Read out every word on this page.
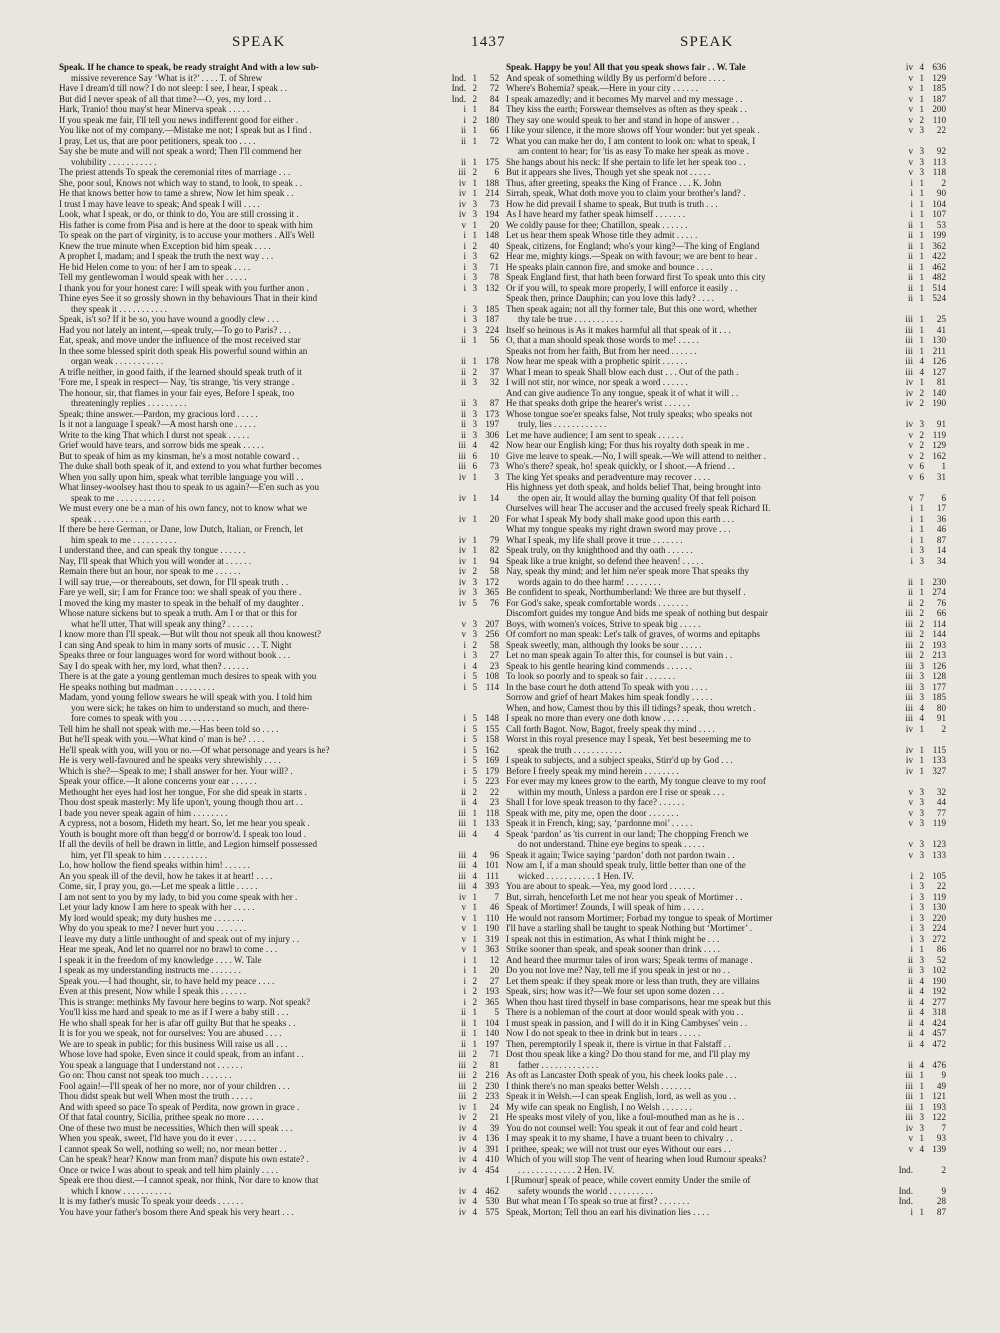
SPEAK	1437	SPEAK
Speak. If he chance to speak, be ready straight And with a low sub-
missive reverence Say ‘What is it?’ . . . . T. of Shrew	Ind. 1	52
Have I dream'd till now? I do not sleep: I see, I hear, I speak . .	Ind. 2	72
But did I never speak of all that time?—O, yes, my lord . .	Ind. 2	84
Hark, Tranio! thou may'st hear Minerva speak . . . . .	i 1	84
If you speak me fair, I'll tell you news indifferent good for either .	i 2 180
You like not of my company.—Mistake me not; I speak but as I find .	ii 1	66
I pray, Let us, that are poor petitioners, speak too . . . .	ii 1	72
Say she be mute and will not speak a word; Then I'll commend her
volubility . . . . . . . . . . .	ii 1 175
The priest attends To speak the ceremonial rites of marriage . . .	iii 2	6
She, poor soul, Knows not which way to stand, to look, to speak . .	iv 1 188
He that knows better how to tame a shrew, Now let him speak . .	iv 1 214
I trust I may have leave to speak; And speak I will . . . .	iv 3	73
Look, what I speak, or do, or think to do, You are still crossing it .	iv 3 194
His father is come from Pisa and is here at the door to speak with him	v 1	20
To speak on the part of virginity, is to accuse your mothers . All's Well	i 1 148
Knew the true minute when Exception bid him speak . . . .	i 2	40
A prophet I, madam; and I speak the truth the next way . . .	i 3	62
He bid Helen come to you: of her I am to speak . . . .	i 3	71
Tell my gentlewoman I would speak with her . . . . .	i 3	78
I thank you for your honest care: I will speak with you further anon .	i 3 132
Thine eyes See it so grossly shown in thy behaviours That in their kind
they speak it . . . . . . . . . . .	i 3 185
Speak, is't so? If it be so, you have wound a goodly clew . . .	i 3 187
Had you not lately an intent,—speak truly,—To go to Paris? . . .	i 3 224
Eat, speak, and move under the influence of the most received star	ii 1	56
In thee some blessed spirit doth speak His powerful sound within an
organ weak . . . . . . . . . . .	ii 1 178
A trifle neither, in good faith, if the learned should speak truth of it	ii 2	37
'Fore me, I speak in respect— Nay, 'tis strange, 'tis very strange .	ii 3	32
The honour, sir, that flames in your fair eyes, Before I speak, too
threateningly replies . . . . . . . . .	ii 3	87
Speak; thine answer.—Pardon, my gracious lord . . . . .	ii 3 173
Is it not a language I speak?—A most harsh one . . . . .	ii 3 197
Write to the king That which I durst not speak . . . . .	ii 3 306
Grief would have tears, and sorrow bids me speak . . . . .	iii 4	42
But to speak of him as my kinsman, he's a most notable coward . .	iii 6	10
The duke shall both speak of it, and extend to you what further becomes	iii 6	73
When you sally upon him, speak what terrible language you will . .	iv 1	3
What linsey-woolsey hast thou to speak to us again?—E'en such as you
speak to me . . . . . . . . . . .	iv 1	14
We must every one be a man of his own fancy, not to know what we
speak . . . . . . . . . . . . .	iv 1	20
If there be here German, or Dane, low Dutch, Italian, or French, let
him speak to me . . . . . . . . . .	iv 1	79
I understand thee, and can speak thy tongue . . . . . .	iv 1	82
Nay, I'll speak that Which you will wonder at . . . . . .	iv 1	94
Remain there but an hour, nor speak to me . . . . . .	iv 2	58
I will say true,—or thereabouts, set down, for I'll speak truth . .	iv 3 172
Fare ye well, sir; I am for France too: we shall speak of you there .	iv 3 365
I moved the king my master to speak in the behalf of my daughter .	iv 5	76
Whose nature sickens but to speak a truth. Am I or that or this for
what he'll utter, That will speak any thing? . . . . . .	v 3 207
I know more than I'll speak.—But wilt thou not speak all thou knowest?	v 3 256
I can sing And speak to him in many sorts of music . . . T. Night	i 2	58
Speaks three or four languages word for word without book . . .	i 3	27
Say I do speak with her, my lord, what then? . . . . . .	i 4	23
There is at the gate a young gentleman much desires to speak with you	i 5 108
He speaks nothing but madman . . . . . . . . .	i 5 114
Madam, yond young fellow swears he will speak with you. I told him
you were sick; he takes on him to understand so much, and there-
fore comes to speak with you . . . . . . . . .	i 5 148
Tell him he shall not speak with me.—Has been told so . . . .	i 5 155
But he'll speak with you.—What kind o' man is he? . . . .	i 5 158
He'll speak with you, will you or no.—Of what personage and years is he?	i 5 162
He is very well-favoured and he speaks very shrewishly . . . .	i 5 169
Which is she?—Speak to me; I shall answer for her. Your will? .	i 5 179
Speak your office.—It alone concerns your ear . . . . . .	i 5 223
Methought her eyes had lost her tongue, For she did speak in starts .	ii 2	22
Thou dost speak masterly: My life upon't, young though thou art . .	ii 4	23
I bade you never speak again of him . . . . . . . .	iii 1 118
A cypress, not a bosom, Hideth my heart. So, let me hear you speak .	iii 1 133
Youth is bought more oft than begg'd or borrow'd. I speak too loud .	iii 4	4
If all the devils of hell be drawn in little, and Legion himself possessed
him, yet I'll speak to him . . . . . . . . . .	iii 4	96
Lo, how hollow the fiend speaks within him! . . . . . .	iii 4 101
An you speak ill of the devil, how he takes it at heart! . . . .	iii 4 111
Come, sir, I pray you, go.—Let me speak a little . . . . .	iii 4 393
I am not sent to you by my lady, to bid you come speak with her .	iv 1	7
Let your lady know I am here to speak with her . . . . .	v 1	46
My lord would speak; my duty hushes me . . . . . . .	v 1 110
Why do you speak to me? I never hurt you . . . . . . .	v 1 190
I leave my duty a little unthought of and speak out of my injury . .	v 1 319
Hear me speak, And let no quarrel nor no brawl to come . . .	v 1 363
I speak it in the freedom of my knowledge . . . . W. Tale	i 1	12
I speak as my understanding instructs me . . . . . . .	i 1	20
Speak you.—I had thought, sir, to have held my peace . . . .	i 2	27
Even at this present, Now while I speak this . . . . . .	i 2 193
This is strange: methinks My favour here begins to warp. Not speak?	i 2 365
You'll kiss me hard and speak to me as if I were a baby still . . .	ii 1	5
He who shall speak for her is afar off guilty But that he speaks . .	ii 1 104
It is for you we speak, not for ourselves: You are abused . . . .	ii 1 140
We are to speak in public; for this business Will raise us all . . .	ii 1 197
Whose love had spoke, Even since it could speak, from an infant . .	iii 2	71
You speak a language that I understand not . . . . . .	iii 2	81
Go on: Thou canst not speak too much . . . . . . .	iii 2 216
Fool again!—I'll speak of her no more, nor of your children . . .	iii 2 230
Thou didst speak but well When most the truth . . . . .	iii 2 233
And with speed so pace To speak of Perdita, now grown in grace .	iv 1	24
Of that fatal country, Sicilia, prithee speak no more . . . .	iv 2	21
One of these two must be necessities, Which then will speak . . .	iv 4	39
When you speak, sweet, I'ld have you do it ever . . . . .	iv 4 136
I cannot speak So well, nothing so well; no, nor mean better . .	iv 4 391
Can he speak? hear? Know man from man? dispute his own estate? .	iv 4 410
Once or twice I was about to speak and tell him plainly . . . .	iv 4 454
Speak ere thou diest.—I cannot speak, nor think, Nor dare to know that
which I know . . . . . . . . . . .	iv 4 462
It is my father's music To speak your deeds . . . . . .	iv 4 530
You have your father's bosom there And speak his very heart . . .	iv 4 575
Speak. Happy be you! All that you speak shows fair . . W. Tale	iv 4 636
And speak of something wildly By us perform'd before . . . .	v 1 129
Where's Bohemia? speak.—Here in your city . . . . . .	v 1 185
I speak amazedly; and it becomes My marvel and my message . .	v 1 187
They kiss the earth; Forswear themselves as often as they speak . .	v 1 200
They say one would speak to her and stand in hope of answer . .	v 2 110
I like your silence, it the more shows off Your wonder: but yet speak .	v 3	22
What you can make her do, I am content to look on: what to speak, I
am content to hear; for 'tis as easy To make her speak as move .	v 3	92
She hangs about his neck: If she pertain to life let her speak too . .	v 3 113
But it appears she lives, Though yet she speak not . . . . .	v 3 118
Thus, after greeting, speaks the King of France . . . K. John	i 1	2
Sirrah, speak, What doth move you to claim your brother's land? .	i 1	90
How he did prevail I shame to speak, But truth is truth . . .	i 1 104
As I have heard my father speak himself . . . . . . .	i 1 107
We coldly pause for thee; Chatillon, speak . . . . . .	ii 1	53
Let us hear them speak Whose title they admit . . . . .	ii 1 199
Speak, citizens, for England; who's your king?—The king of England	ii 1 362
Hear me, mighty kings.—Speak on with favour; we are bent to hear .	ii 1 422
He speaks plain cannon fire, and smoke and bounce . . . .	ii 1 462
Speak England first, that hath been forward first To speak unto this city	ii 1 482
Or if you will, to speak more properly, I will enforce it easily . .	ii 1 514
Speak then, prince Dauphin; can you love this lady? . . . .	ii 1 524
Then speak again; not all thy former tale, But this one word, whether
thy tale be true . . . . . . . . . . .	iii 1	25
Itself so heinous is As it makes harmful all that speak of it . . .	iii 1	41
O, that a man should speak those words to me! . . . . .	iii 1 130
Speaks not from her faith, But from her need . . . . . .	iii 1 211
Now hear me speak with a prophetic spirit . . . . . .	iii 4 126
What I mean to speak Shall blow each dust . . . Out of the path .	iii 4 127
I will not stir, nor wince, nor speak a word . . . . . .	iv 1	81
And can give audience To any tongue, speak it of what it will . .	iv 2 140
He that speaks doth gripe the hearer's wrist . . . . . .	iv 2 190
Whose tongue soe'er speaks false, Not truly speaks; who speaks not
truly, lies . . . . . . . . . . . .	iv 3	91
Let me have audience; I am sent to speak . . . . . .	v 2 119
Now hear our English king; For thus his royalty doth speak in me .	v 2 129
Give me leave to speak.—No, I will speak.—We will attend to neither .	v 2 162
Who's there? speak, ho! speak quickly, or I shoot.—A friend . .	v 6	1
The king Yet speaks and peradventure may recover . . . .	v 6	31
His highness yet doth speak, and holds belief That, being brought into
the open air, It would allay the burning quality Of that fell poison	v 7	6
Ourselves will hear The accuser and the accused freely speak Richard II.	i 1	17
For what I speak My body shall make good upon this earth . . .	i 1	36
What my tongue speaks my right drawn sword may prove . . .	i 1	46
What I speak, my life shall prove it true . . . . . . .	i 1	87
Speak truly, on thy knighthood and thy oath . . . . . .	i 3	14
Speak like a true knight, so defend thee heaven! . . . . .	i 3	34
Nay, speak thy mind; and let him ne'er speak more That speaks thy
words again to do thee harm! . . . . . . . .	ii 1 230
Be confident to speak, Northumberland: We three are but thyself .	ii 1 274
For God's sake, speak comfortable words . . . . . . .	ii 2	76
Discomfort guides my tongue And bids me speak of nothing but despair	iii 2	66
Boys, with women's voices, Strive to speak big . . . . .	iii 2 114
Of comfort no man speak: Let's talk of graves, of worms and epitaphs	iii 2 144
Speak sweetly, man, although thy looks be sour . . . . .	iii 2 193
Let no man speak again To alter this, for counsel is but vain . .	iii 2 213
Speak to his gentle hearing kind commends . . . . . .	iii 3 126
To look so poorly and to speak so fair . . . . . . .	iii 3 128
In the base court he doth attend To speak with you . . . .	iii 3 177
Sorrow and grief of heart Makes him speak fondly . . . . .	iii 3 185
When, and how, Camest thou by this ill tidings? speak, thou wretch .	iii 4	80
I speak no more than every one doth know . . . . . .	iii 4	91
Call forth Bagot. Now, Bagot, freely speak thy mind . . . .	iv 1	2
Worst in this royal presence may I speak, Yet best beseeming me to
speak the truth . . . . . . . . . . .	iv 1 115
I speak to subjects, and a subject speaks, Stirr'd up by God . . .	iv 1 133
Before I freely speak my mind herein . . . . . . . .	iv 1 327
For ever may my knees grow to the earth, My tongue cleave to my roof
within my mouth, Unless a pardon ere I rise or speak . . .	v 3	32
Shall I for love speak treason to thy face? . . . . . .	v 3	44
Speak with me, pity me, open the door . . . . . . .	v 3	77
Speak it in French, king; say, ‘pardonne moi’ . . . . .	v 3 119
Speak ‘pardon’ as 'tis current in our land; The chopping French we
do not understand. Thine eye begins to speak . . . . .	v 3 123
Speak it again; Twice saying ‘pardon’ doth not pardon twain . .	v 3 133
Now am I, if a man should speak truly, little better than one of the
wicked . . . . . . . . . . . 1 Hen. IV.	i 2 105
You are about to speak.—Yea, my good lord . . . . . .	i 3	22
But, sirrah, henceforth Let me not hear you speak of Mortimer . .	i 3 119
Speak of Mortimer! Zounds, I will speak of him . . . . .	i 3 130
He would not ransom Mortimer; Forbad my tongue to speak of Mortimer	i 3 220
I'll have a starling shall be taught to speak Nothing but ‘Mortimer’ .	i 3 224
I speak not this in estimation, As what I think might be . . .	i 3 272
Strike sooner than speak, and speak sooner than drink . . . .	i 1	86
And heard thee murmur tales of iron wars; Speak terms of manage .	ii 3	52
Do you not love me? Nay, tell me if you speak in jest or no . .	ii 3 102
Let them speak: if they speak more or less than truth, they are villains	ii 4 190
Speak, sirs; how was it?—We four set upon some dozen . . .	ii 4 192
When thou hast tired thyself in base comparisons, hear me speak but this	ii 4 277
There is a nobleman of the court at door would speak with you . .	ii 4 318
I must speak in passion, and I will do it in King Cambyses' vein . .	ii 4 424
Now I do not speak to thee in drink but in tears . . . . .	ii 4 457
Then, peremptorily I speak it, there is virtue in that Falstaff . .	ii 4 472
Dost thou speak like a king? Do thou stand for me, and I'll play my
father . . . . . . . . . . . . .	ii 4 476
As oft as Lancaster Doth speak of you, his cheek looks pale . . .	iii 1	9
I think there's no man speaks better Welsh . . . . . . .	iii 1	49
Speak it in Welsh.—I can speak English, lord, as well as you . .	iii 1 121
My wife can speak no English, I no Welsh . . . . . . .	iii 1 193
He speaks most vilely of you, like a foul-mouthed man as he is . .	iii 3 122
You do not counsel well: You speak it out of fear and cold heart .	iv 3	7
I may speak it to my shame, I have a truant been to chivalry . .	v 1	93
I prithee, speak; we will not trust our eyes Without our ears . .	v 4 139
Which of you will stop The vent of hearing when loud Rumour speaks?
. . . . . . . . . . . . . 2 Hen. IV.	Ind.	2
I [Rumour] speak of peace, while covert enmity Under the smile of
safety wounds the world . . . . . . . . . .	Ind.	9
But what mean I To speak so true at first? . . . . . . .	Ind.	28
Speak, Morton; Tell thou an earl his divination lies . . . .	i 1	87
